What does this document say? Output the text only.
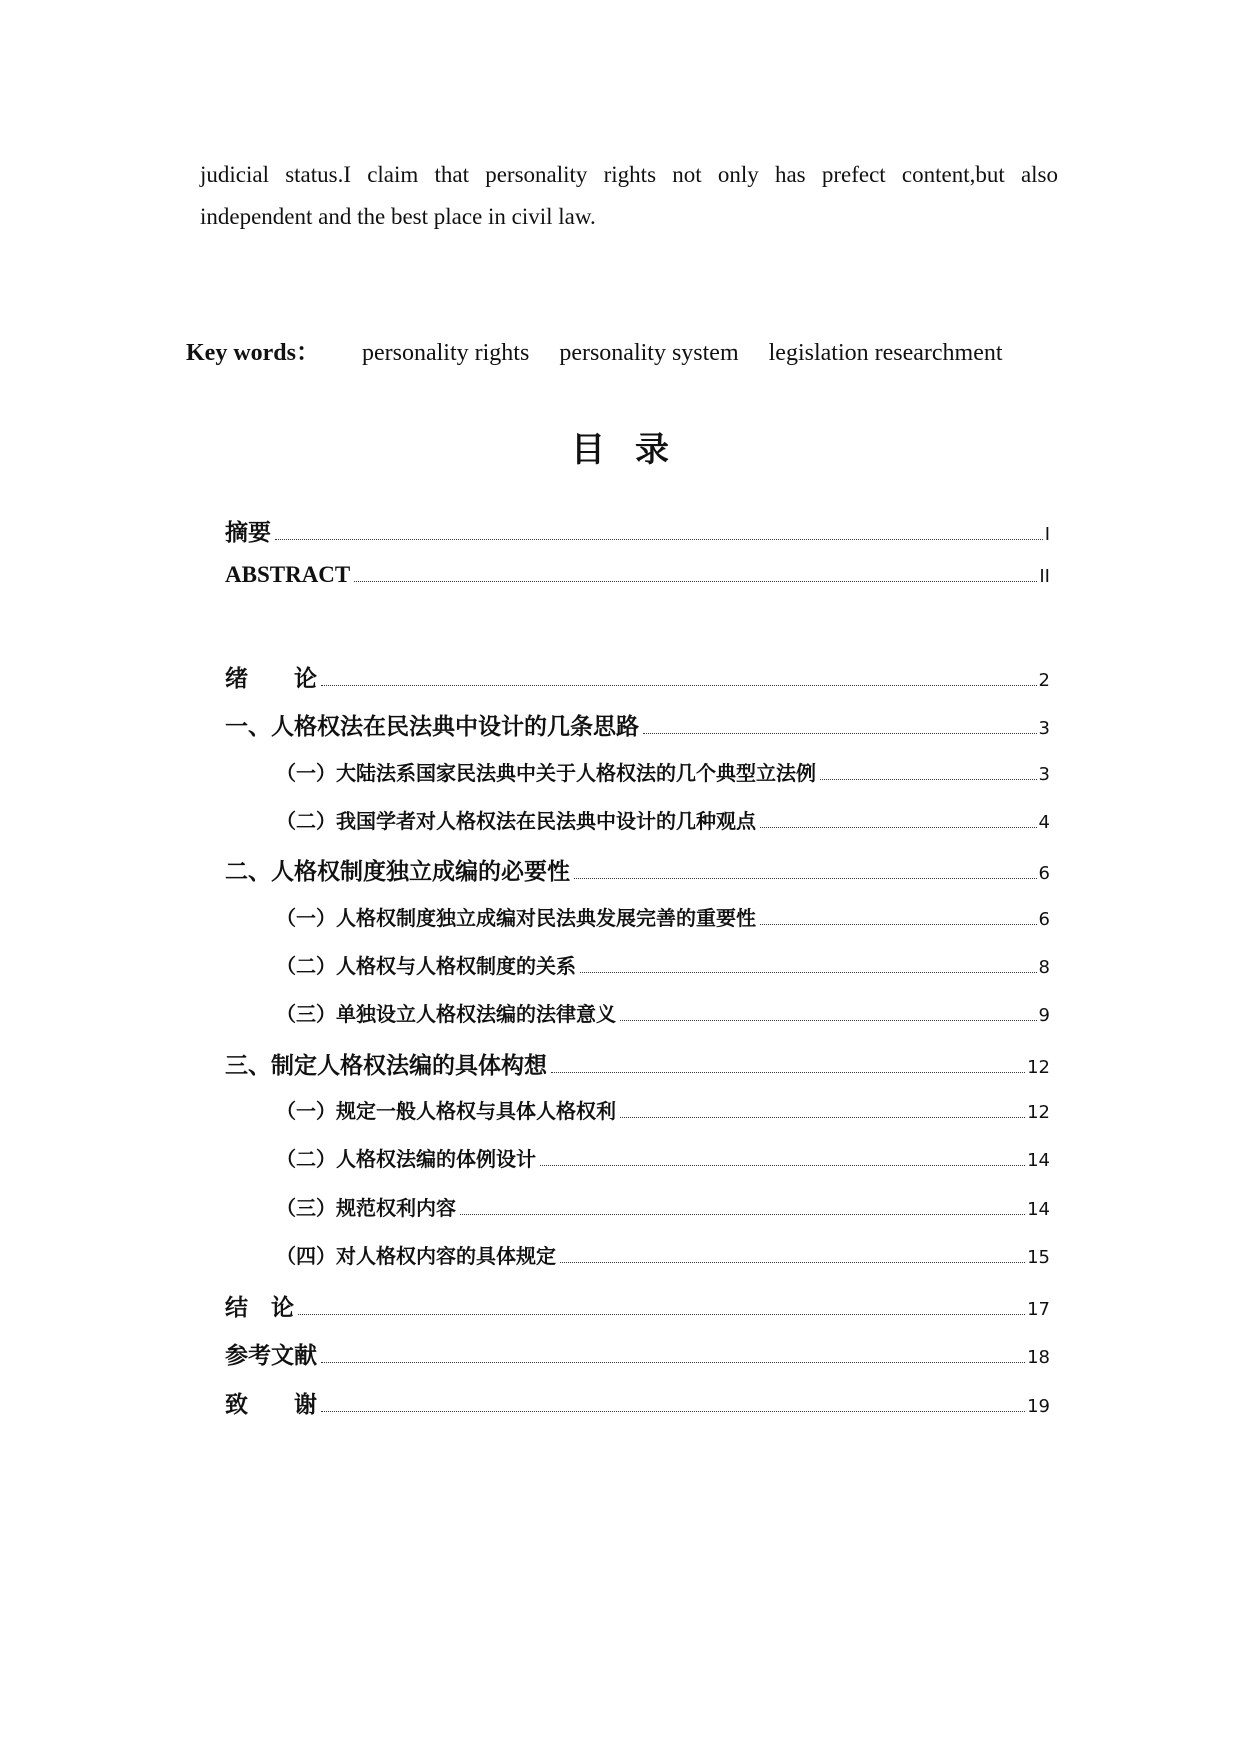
judicial status.I claim that personality rights not only has prefect content,but also

independent and the best place in civil law.

Key words： personality rights personality system legislation researchment
目录
摘要	I
ABSTRACT	II
绪　　论	2
一、人格权法在民法典中设计的几条思路	3
（一）大陆法系国家民法典中关于人格权法的几个典型立法例	3
（二）我国学者对人格权法在民法典中设计的几种观点	4
二、人格权制度独立成编的必要性	6
（一）人格权制度独立成编对民法典发展完善的重要性	6
（二）人格权与人格权制度的关系	8
（三）单独设立人格权法编的法律意义	9
三、制定人格权法编的具体构想	12
（一）规定一般人格权与具体人格权利	12
（二）人格权法编的体例设计	14
（三）规范权利内容	14
（四）对人格权内容的具体规定	15
结　论	17
参考文献	18
致　　谢	19
